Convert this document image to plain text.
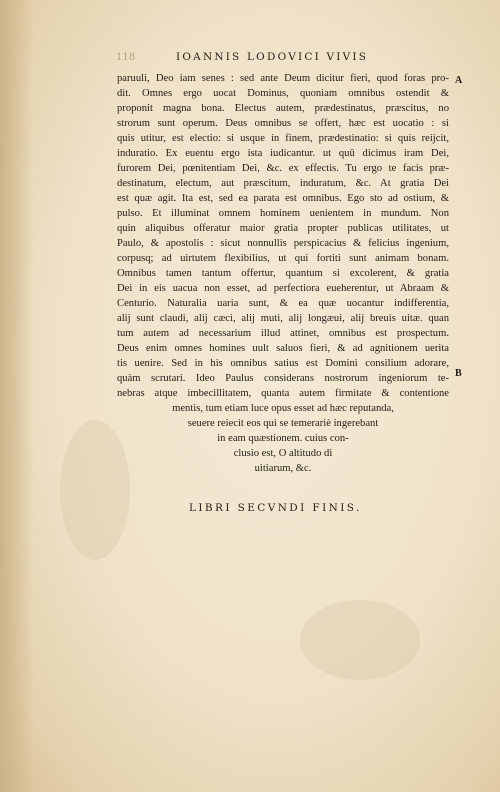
118	IOANNIS LODOVICI VIVIS
A
B
paruuli, Deo iam senes : sed ante Deum dicitur fieri, quod foras pro-
dit. Omnes ergo uocat Dominus, quoniam omnibus ostendit &
proponit magna bona. Electus autem, prædestinatus, præscitus, no
strorum sunt operum. Deus omnibus se offert, hæc est uocatio : si
quis utitur, est electio: si usque in finem, prædestinatio: si quis reijcit,
induratio. Ex euentu ergo ista iudicantur. ut quū dicimus iram Dei,
furorem Dei, pœnitentiam Dei, &c. ex effectis. Tu ergo te facis præ-
destinatum, electum, aut præscitum, induratum, &c. At gratia Dei
est quæ agit. Ita est, sed ea parata est omnibus. Ego sto ad ostium, &
pulso. Et illuminat omnem hominem uenientem in mundum. Non
quin aliquibus offeratur maior gratia propter publicas utilitates, ut
Paulo, & apostolis : sicut nonnullis perspicacius & felicius ingenium,
corpusq; ad uirtutem flexibilius, ut qui fortiti sunt animam bonam.
Omnibus tamen tantum offertur, quantum si excolerent, & gratia
Dei in eis uacua non esset, ad perfectiora eueherentur, ut Abraam &
Centurio. Naturalia uaria sunt, & ea quæ uocantur indifferentia,
alij sunt claudi, alij cæci, alij muti, alij longæui, alij breuis uitæ. quan
tum autem ad necessarium illud attinet, omnibus est prospectum.
Deus enim omnes homines uult saluos fieri, & ad agnitionem uerita
tis uenire. Sed in his omnibus satius est Domini consilium adorare,
quàm scrutari. Ideo Paulus considerans nostrorum ingeniorum te-
nebras atque imbecillitatem, quanta autem firmitate & contentione
mentis, tum etiam luce opus esset ad hæc reputanda,
seuere reiecit eos qui se temerariè ingerebant
in eam quæstionem. cuius con-
clusio est, O altitudo di
uitiarum, &c.
LIBRI SECVNDI FINIS.
